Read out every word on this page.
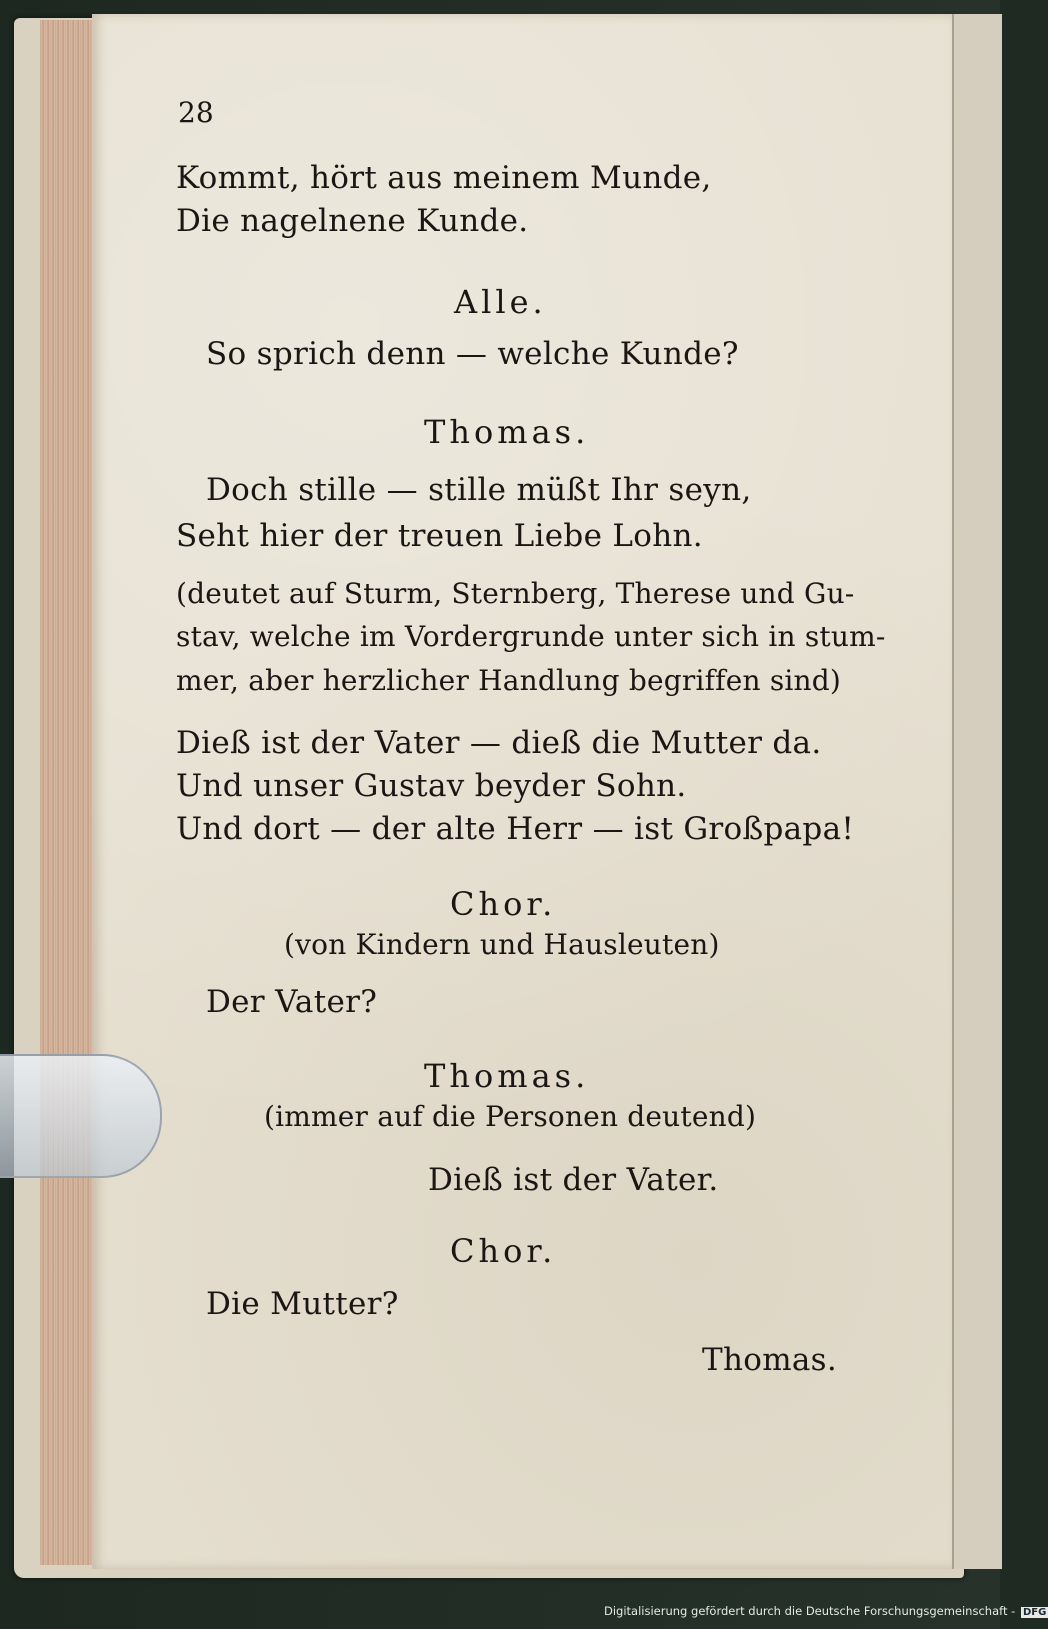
28
Kommt, hört aus meinem Munde,
Die nagelnene Kunde.
Alle.
So sprich denn — welche Kunde?
Thomas.
Doch stille — stille müßt Ihr seyn,
Seht hier der treuen Liebe Lohn.
(deutet auf Sturm, Sternberg, Therese und Gu-
stav, welche im Vordergrunde unter sich in stum-
mer, aber herzlicher Handlung begriffen sind)
Dieß ist der Vater — dieß die Mutter da.
Und unser Gustav beyder Sohn.
Und dort — der alte Herr — ist Großpapa!
Chor.
(von Kindern und Hausleuten)
Der Vater?
Thomas.
(immer auf die Personen deutend)
Dieß ist der Vater.
Chor.
Die Mutter?
Thomas.
Digitalisierung gefördert durch die Deutsche Forschungsgemeinschaft - DFG
